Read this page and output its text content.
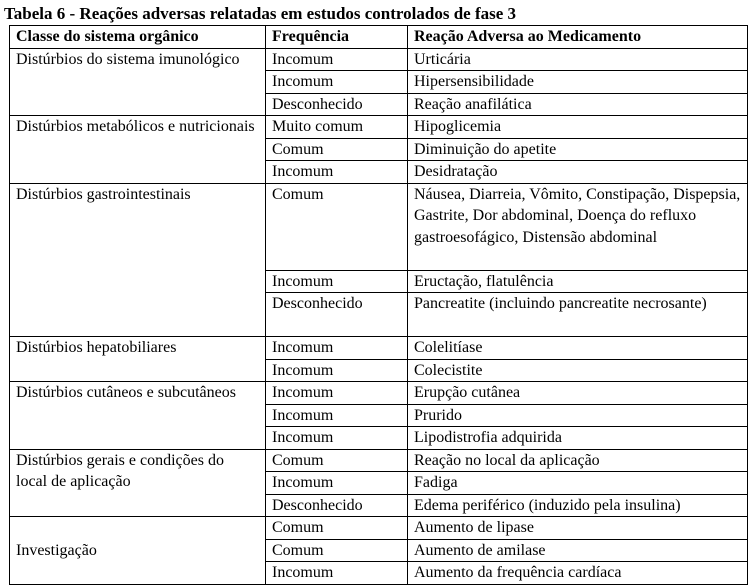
Tabela 6 - Reações adversas relatadas em estudos controlados de fase 3
Classe do sistema orgânico	Frequência	Reação Adversa ao Medicamento
Distúrbios do sistema imunológico	Incomum	Urticária
	Incomum	Hipersensibilidade
	Desconhecido	Reação anafilática
Distúrbios metabólicos e nutricionais	Muito comum	Hipoglicemia
	Comum	Diminuição do apetite
	Incomum	Desidratação
Distúrbios gastrointestinais	Comum	Náusea, Diarreia, Vômito, Constipação, Dispepsia, Gastrite, Dor abdominal, Doença do refluxo gastroesofágico, Distensão abdominal
	Incomum	Eructação, flatulência
	Desconhecido	Pancreatite (incluindo pancreatite necrosante)
Distúrbios hepatobiliares	Incomum	Colelitíase
	Incomum	Colecistite
Distúrbios cutâneos e subcutâneos	Incomum	Erupção cutânea
	Incomum	Prurido
	Incomum	Lipodistrofia adquirida
Distúrbios gerais e condições do local de aplicação	Comum	Reação no local da aplicação
	Incomum	Fadiga
	Desconhecido	Edema periférico (induzido pela insulina)
Investigação	Comum	Aumento de lipase
	Comum	Aumento de amilase
	Incomum	Aumento da frequência cardíaca
